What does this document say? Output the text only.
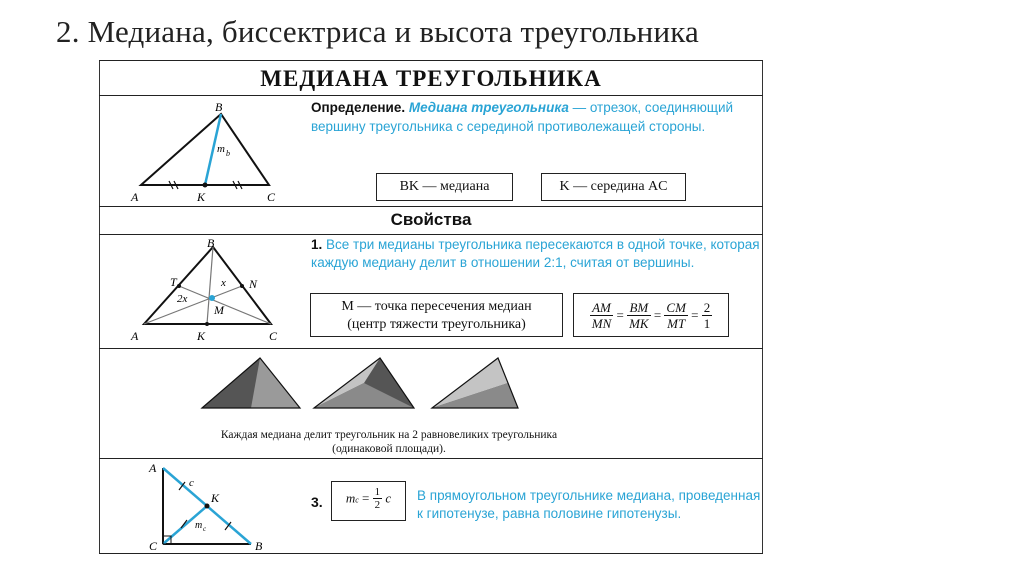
2. Медиана, биссектриса и высота треугольника
МЕДИАНА ТРЕУГОЛЬНИКА
A
B
C
K
m b
Определение. Медиана треугольника — отрезок, соединяющий вершину треугольника с серединой противолежащей стороны.
BK — медиана	K — середина AC
Свойства
A
B
C
K
T	N
M
x
2x
1. Все три медианы треугольника пересекаются в одной точке, которая каждую медиану делит в отношении 2:1, считая от вершины.
M — точка пересечения медиан
(центр тяжести треугольника)	$\frac{AM}{MN} = \frac{BM}{MK} = \frac{CM}{MT} = \frac{2}{1}$
Каждая медиана делит треугольник на 2 равновеликих треугольника
(одинаковой площади).
A
C	B
K
c
m c
3.	$m_c = \frac{1}{2}$ c	В прямоугольном треугольнике медиана, проведенная к гипотенузе, равна половине гипотенузы.
